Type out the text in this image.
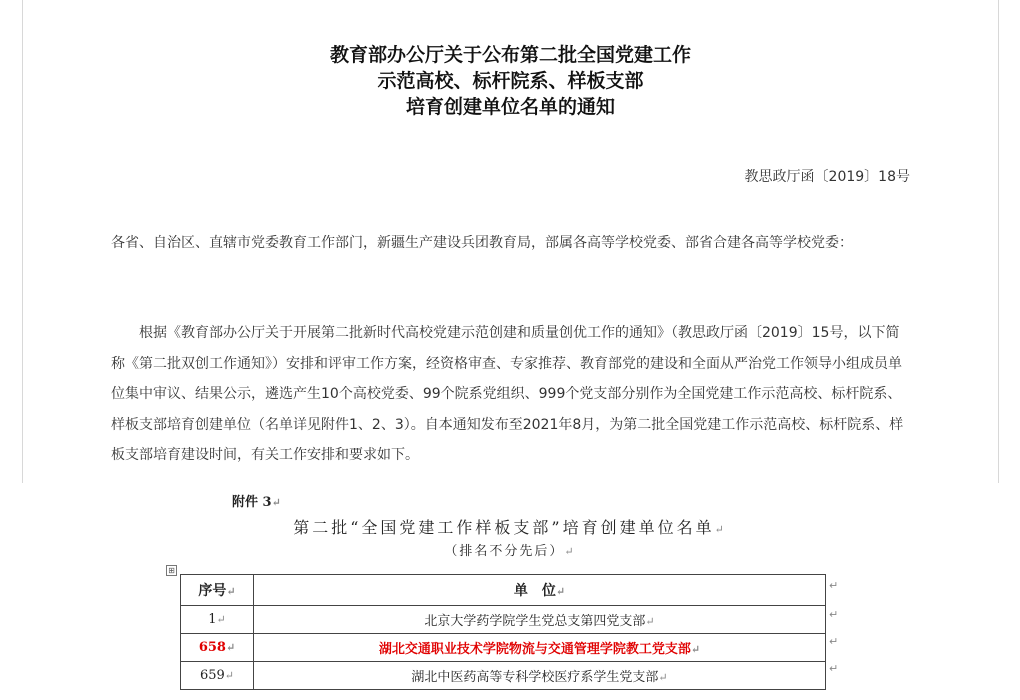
教育部办公厅关于公布第二批全国党建工作
示范高校、标杆院系、样板支部
培育创建单位名单的通知
教思政厅函〔2019〕18号
各省、自治区、直辖市党委教育工作部门，新疆生产建设兵团教育局，部属各高等学校党委、部省合建各高等学校党委：

根据《教育部办公厅关于开展第二批新时代高校党建示范创建和质量创优工作的通知》（教思政厅函〔2019〕15号，以下简称《第二批双创工作通知》）安排和评审工作方案，经资格审查、专家推荐、教育部党的建设和全面从严治党工作领导小组成员单位集中审议、结果公示，遴选产生10个高校党委、99个院系党组织、999个党支部分别作为全国党建工作示范高校、标杆院系、样板支部培育创建单位（名单详见附件1、2、3）。自本通知发布至2021年8月，为第二批全国党建工作示范高校、标杆院系、样板支部培育建设时间，有关工作安排和要求如下。

附件 3↵
第二批“全国党建工作样板支部”培育创建单位名单↵
（排名不分先后）↵
⊞
序号↵	单　位↵
1↵	北京大学药学院学生党总支第四党支部↵
658↵	湖北交通职业技术学院物流与交通管理学院教工党支部↵
659↵	湖北中医药高等专科学校医疗系学生党支部↵
↵
↵
↵
↵
